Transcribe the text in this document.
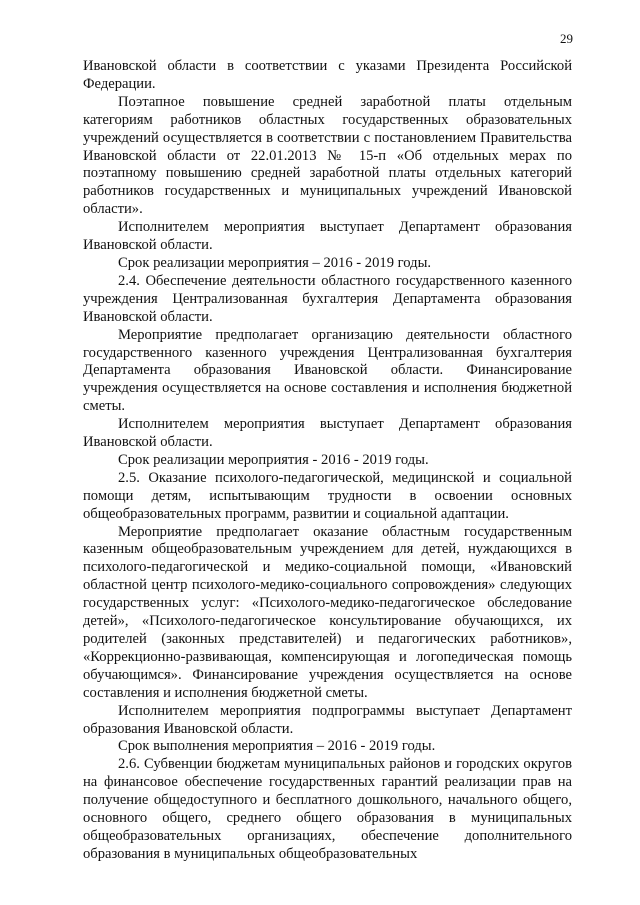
29

Ивановской области в соответствии с указами Президента Российской Федерации.

Поэтапное повышение средней заработной платы отдельным категориям работников областных государственных образовательных учреждений осуществляется в соответствии с постановлением Правительства Ивановской области от 22.01.2013 № 15-п «Об отдельных мерах по поэтапному повышению средней заработной платы отдельных категорий работников государственных и муниципальных учреждений Ивановской области».

Исполнителем мероприятия выступает Департамент образования Ивановской области.

Срок реализации мероприятия – 2016 - 2019 годы.

2.4. Обеспечение деятельности областного государственного казенного учреждения Централизованная бухгалтерия Департамента образования Ивановской области.

Мероприятие предполагает организацию деятельности областного государственного казенного учреждения Централизованная бухгалтерия Департамента образования Ивановской области. Финансирование учреждения осуществляется на основе составления и исполнения бюджетной сметы.

Исполнителем мероприятия выступает Департамент образования Ивановской области.

Срок реализации мероприятия - 2016 - 2019 годы.

2.5. Оказание психолого-педагогической, медицинской и социальной помощи детям, испытывающим трудности в освоении основных общеобразовательных программ, развитии и социальной адаптации.

Мероприятие предполагает оказание областным государственным казенным общеобразовательным учреждением для детей, нуждающихся в психолого-педагогической и медико-социальной помощи, «Ивановский областной центр психолого-медико-социального сопровождения» следующих государственных услуг: «Психолого-медико-педагогическое обследование детей», «Психолого-педагогическое консультирование обучающихся, их родителей (законных представителей) и педагогических работников», «Коррекционно-развивающая, компенсирующая и логопедическая помощь обучающимся». Финансирование учреждения осуществляется на основе составления и исполнения бюджетной сметы.

Исполнителем мероприятия подпрограммы выступает Департамент образования Ивановской области.

Срок выполнения мероприятия – 2016 - 2019 годы.

2.6. Субвенции бюджетам муниципальных районов и городских округов на финансовое обеспечение государственных гарантий реализации прав на получение общедоступного и бесплатного дошкольного, начального общего, основного общего, среднего общего образования в муниципальных общеобразовательных организациях, обеспечение дополнительного образования в муниципальных общеобразовательных
